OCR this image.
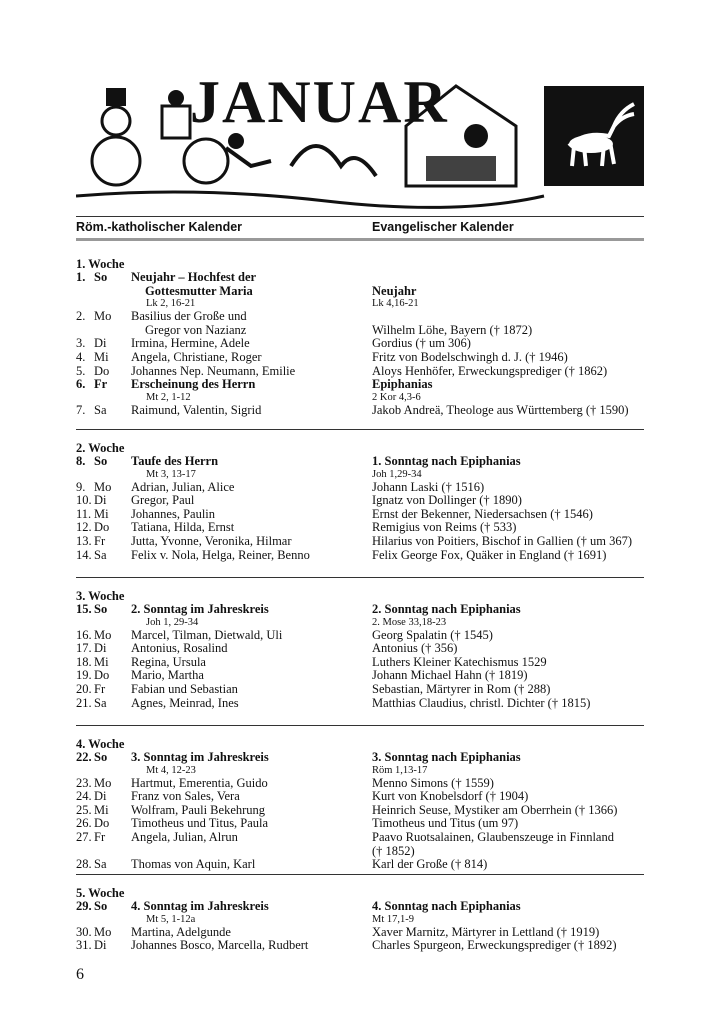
JANUAR
Röm.-katholischer Kalender	Evangelischer Kalender
1. Woche
1. So	Neujahr – Hochfest der
Gottesmutter Maria	Neujahr
Lk 2, 16-21	Lk 4,16-21
2. Mo	Basilius der Große und
Gregor von Nazianz	Wilhelm Löhe, Bayern († 1872)
3. Di	Irmina, Hermine, Adele	Gordius († um 306)
4. Mi	Angela, Christiane, Roger	Fritz von Bodelschwingh d. J. († 1946)
5. Do	Johannes Nep. Neumann, Emilie	Aloys Henhöfer, Erweckungsprediger († 1862)
6. Fr	Erscheinung des Herrn	Epiphanias
Mt 2, 1-12	2 Kor 4,3-6
7. Sa	Raimund, Valentin, Sigrid	Jakob Andreä, Theologe aus Württemberg († 1590)
2. Woche
8. So	Taufe des Herrn	1. Sonntag nach Epiphanias
Mt 3, 13-17	Joh 1,29-34
9. Mo	Adrian, Julian, Alice	Johann Laski († 1516)
10. Di	Gregor, Paul	Ignatz von Dollinger († 1890)
11. Mi	Johannes, Paulin	Ernst der Bekenner, Niedersachsen († 1546)
12. Do	Tatiana, Hilda, Ernst	Remigius von Reims († 533)
13. Fr	Jutta, Yvonne, Veronika, Hilmar	Hilarius von Poitiers, Bischof in Gallien († um 367)
14. Sa	Felix v. Nola, Helga, Reiner, Benno	Felix George Fox, Quäker in England († 1691)
3. Woche
15. So	2. Sonntag im Jahreskreis	2. Sonntag nach Epiphanias
Joh 1, 29-34	2. Mose 33,18-23
16. Mo	Marcel, Tilman, Dietwald, Uli	Georg Spalatin († 1545)
17. Di	Antonius, Rosalind	Antonius († 356)
18. Mi	Regina, Ursula	Luthers Kleiner Katechismus 1529
19. Do	Mario, Martha	Johann Michael Hahn († 1819)
20. Fr	Fabian und Sebastian	Sebastian, Märtyrer in Rom († 288)
21. Sa	Agnes, Meinrad, Ines	Matthias Claudius, christl. Dichter († 1815)
4. Woche
22. So	3. Sonntag im Jahreskreis	3. Sonntag nach Epiphanias
Mt 4, 12-23	Röm 1,13-17
23. Mo	Hartmut, Emerentia, Guido	Menno Simons († 1559)
24. Di	Franz von Sales, Vera	Kurt von Knobelsdorf († 1904)
25. Mi	Wolfram, Pauli Bekehrung	Heinrich Seuse, Mystiker am Oberrhein († 1366)
26. Do	Timotheus und Titus, Paula	Timotheus und Titus (um 97)
27. Fr	Angela, Julian, Alrun	Paavo Ruotsalainen, Glaubenszeuge in Finnland
(† 1852)
28. Sa	Thomas von Aquin, Karl	Karl der Große († 814)
5. Woche
29. So	4. Sonntag im Jahreskreis	4. Sonntag nach Epiphanias
Mt 5, 1-12a	Mt 17,1-9
30. Mo	Martina, Adelgunde	Xaver Marnitz, Märtyrer in Lettland († 1919)
31. Di	Johannes Bosco, Marcella, Rudbert	Charles Spurgeon, Erweckungsprediger († 1892)
6
